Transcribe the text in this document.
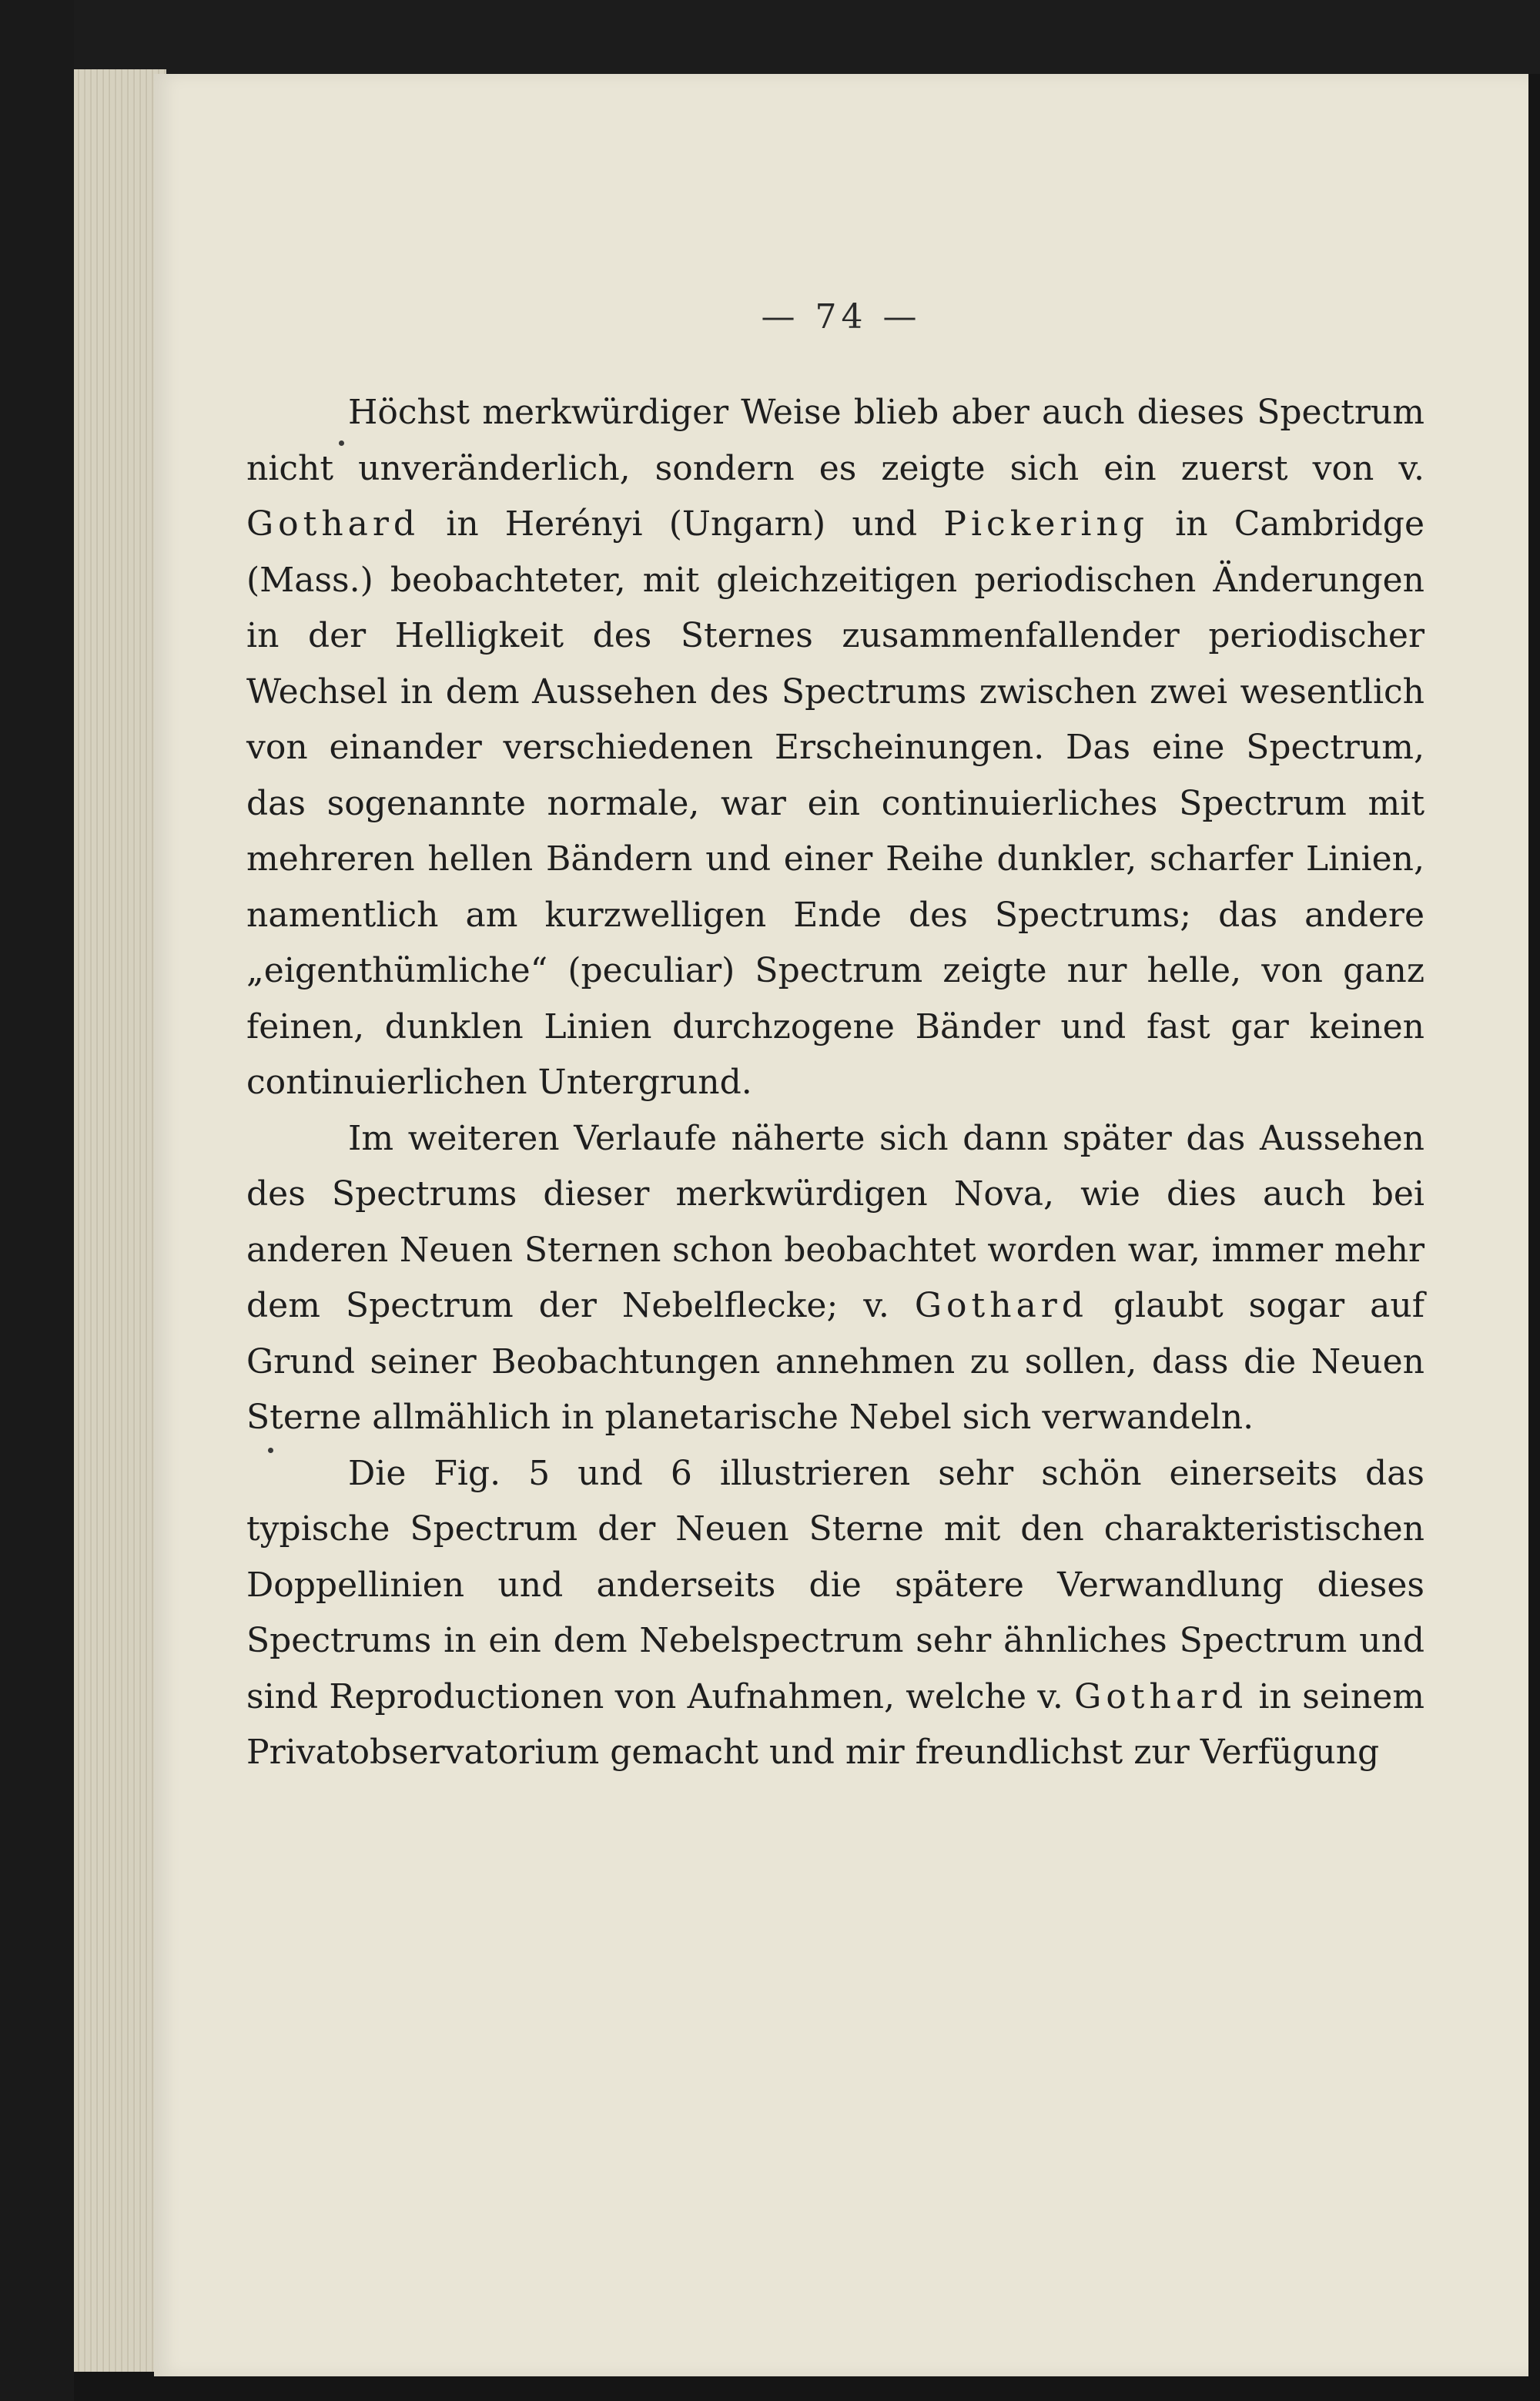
— 74 —

Höchst merkwürdiger Weise blieb aber auch dieses Spectrum nicht unveränderlich, sondern es zeigte sich ein zuerst von v. Gothard in Herényi (Ungarn) und Pickering in Cambridge (Mass.) beobachteter, mit gleichzeitigen periodischen Änderungen in der Helligkeit des Sternes zusammenfallender periodischer Wechsel in dem Aussehen des Spectrums zwischen zwei wesentlich von einander verschiedenen Erscheinungen. Das eine Spectrum, das sogenannte normale, war ein continuierliches Spectrum mit mehreren hellen Bändern und einer Reihe dunkler, scharfer Linien, namentlich am kurzwelligen Ende des Spectrums; das andere „eigenthümliche“ (peculiar) Spectrum zeigte nur helle, von ganz feinen, dunklen Linien durchzogene Bänder und fast gar keinen continuierlichen Untergrund.

Im weiteren Verlaufe näherte sich dann später das Aussehen des Spectrums dieser merkwürdigen Nova, wie dies auch bei anderen Neuen Sternen schon beobachtet worden war, immer mehr dem Spectrum der Nebelflecke; v. Gothard glaubt sogar auf Grund seiner Beobachtungen annehmen zu sollen, dass die Neuen Sterne allmählich in planetarische Nebel sich verwandeln.

Die Fig. 5 und 6 illustrieren sehr schön einerseits das typische Spectrum der Neuen Sterne mit den charakteristischen Doppellinien und anderseits die spätere Verwandlung dieses Spectrums in ein dem Nebelspectrum sehr ähnliches Spectrum und sind Reproductionen von Aufnahmen, welche v. Gothard in seinem Privatobservatorium gemacht und mir freundlichst zur Verfügung
